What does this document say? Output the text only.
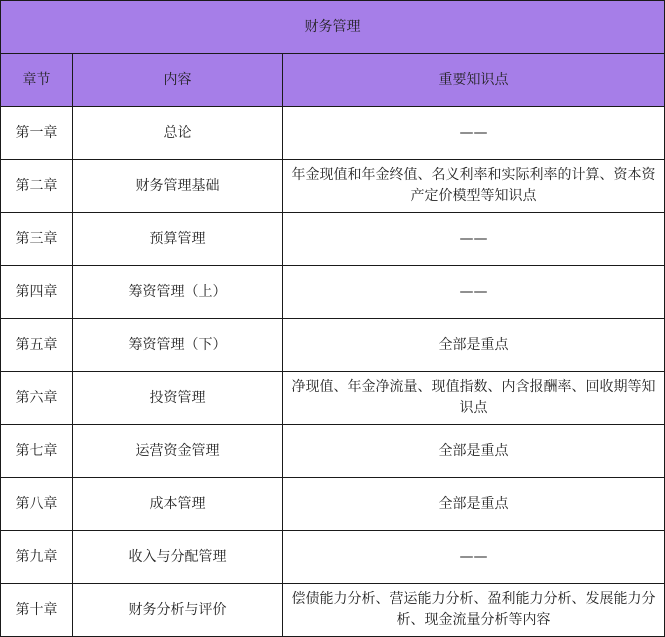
财务管理		
章节	内容	重要知识点
第一章	总论	——
第二章	财务管理基础	年金现值和年金终值、名义利率和实际利率的计算、资本资产定价模型等知识点
第三章	预算管理	——
第四章	筹资管理（上）	——
第五章	筹资管理（下）	全部是重点
第六章	投资管理	净现值、年金净流量、现值指数、内含报酬率、回收期等知识点
第七章	运营资金管理	全部是重点
第八章	成本管理	全部是重点
第九章	收入与分配管理	——
第十章	财务分析与评价	偿债能力分析、营运能力分析、盈利能力分析、发展能力分析、现金流量分析等内容
